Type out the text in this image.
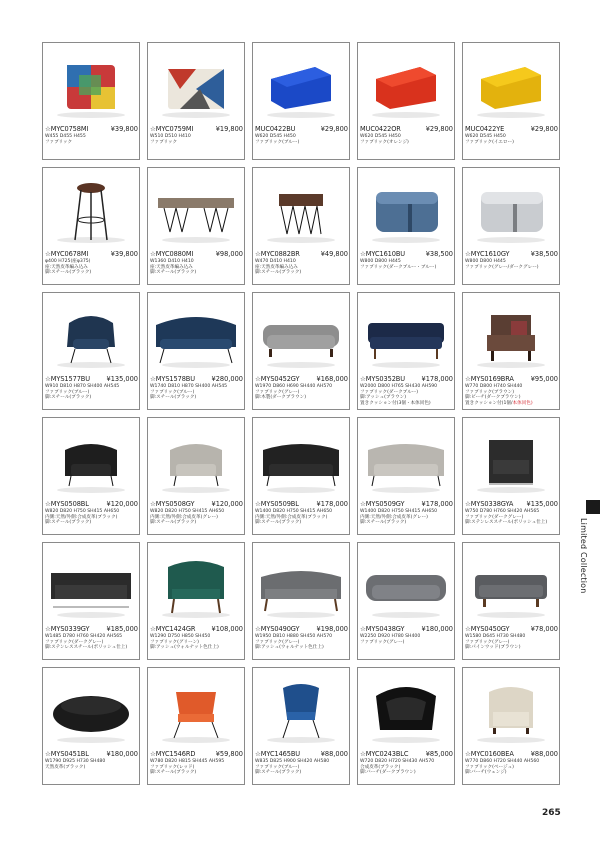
☆MYC0758MI	¥39,800
W455 D455 H455
ファブリック
☆MYC0759MI	¥19,800
W510 D510 H410
ファブリック
MUC0422BU	¥29,800
W620 D545 H450
ファブリック(ブルー)
MUC0422OR	¥29,800
W620 D545 H450
ファブリック(オレンジ)
MUC0422YE	¥29,800
W620 D545 H450
ファブリック(イエロー)
☆MYC0678MI	¥39,800
φ400 H725(座φ375)
座:天然皮革編み込み
脚:スチール(ブラック)
☆MYC0880MI	¥98,000
W1360 D410 H410
座:天然皮革編み込み
脚:スチール(ブラック)
☆MYC0882BR	¥49,800
W470 D410 H410
座:天然皮革編み込み
脚:スチール(ブラック)
☆MYC1610BU	¥38,500
W800 D800 H445
ファブリック(ダークブルー・ブルー)
☆MYC1610GY	¥38,500
W800 D800 H445
ファブリック(グレー/ダークグレー)
☆MYS1577BU	¥135,000
W910 D810 H870 SH400 AH545
ファブリック(ブルー)
脚:スチール(ブラック)
☆MYS1578BU	¥280,000
W1740 D810 H870 SH400 AH545
ファブリック(ブルー)
脚:スチール(ブラック)
☆MYS0452GY	¥168,000
W1970 D860 H690 SH440 AH570
ファブリック(グレー)
脚:木製(ダークブラウン)
☆MYS0352BU	¥178,000
W2000 D800 H765 SH430 AH590
ファブリック(ダークブルー)
脚:アッシュ(ブラウン)
置きクッション付(3個・本体同色)
☆MYS0169BRA	¥95,000
W770 D800 H740 SH440
ファブリック(ブラウン)
脚:ビーチ(ダークブラウン)
置きクッション付(1個/本体同色)
☆MYS0508BL	¥120,000
W820 D820 H750 SH415 AH650
内側:天然/外側:合成皮革(ブラック)
脚:スチール(ブラック)
☆MYS0508GY	¥120,000
W820 D820 H750 SH415 AH650
内側:天然/外側:合成皮革(グレー)
脚:スチール(ブラック)
☆MYS0509BL	¥178,000
W1400 D820 H750 SH415 AH650
内側:天然/外側:合成皮革(ブラック)
脚:スチール(ブラック)
☆MYS0509GY	¥178,000
W1400 D820 H750 SH415 AH650
内側:天然/外側:合成皮革(グレー)
脚:スチール(ブラック)
☆MYS0338GYA ¥135,000
W750 D780 H760 SH420 AH565
ファブリック(ダークグレー)
脚:ステンレススチール(ポリッシュ仕上)
☆MYS0339GY	¥185,000
W1485 D780 H760 SH420 AH565
ファブリック(ダークグレー)
脚:ステンレススチール(ポリッシュ仕上)
☆MYC1424GR ¥108,000
W1290 D750 H850 SH450
ファブリック(グリーン)
脚:アッシュ(ウォルナット色仕上)
☆MYS0490GY	¥198,000
W1950 D810 H880 SH450 AH570
ファブリック(グレー)
脚:アッシュ(ウォルナット色仕上)
☆MYS0438GY	¥180,000
W2250 D920 H780 SH400
ファブリック(グレー)
☆MYS0450GY	¥78,000
W1580 D645 H730 SH480
ファブリック(グレー)
脚:パインウッド(ブラウン)
☆MYS0451BL	¥180,000
W1790 D925 H730 SH480
天然皮革(ブラック)
☆MYC1546RD	¥59,800
W780 D820 H815 SH445 AH595
ファブリック(レッド)
脚:スチール(ブラック)
☆MYC1465BU	¥88,000
W835 D825 H900 SH420 AH580
ファブリック(ブルー)
脚:スチール(ブラック)
☆MYC0243BLC	¥85,000
W720 D820 H720 SH430 AH570
合成皮革(ブラック)
脚:バーチ(ダークブラウン)
☆MYC0160BEA	¥88,000
W770 D860 H720 SH440 AH560
ファブリック(ベージュ)
脚:バーチ(ウェンジ)
Limited Collection
265
